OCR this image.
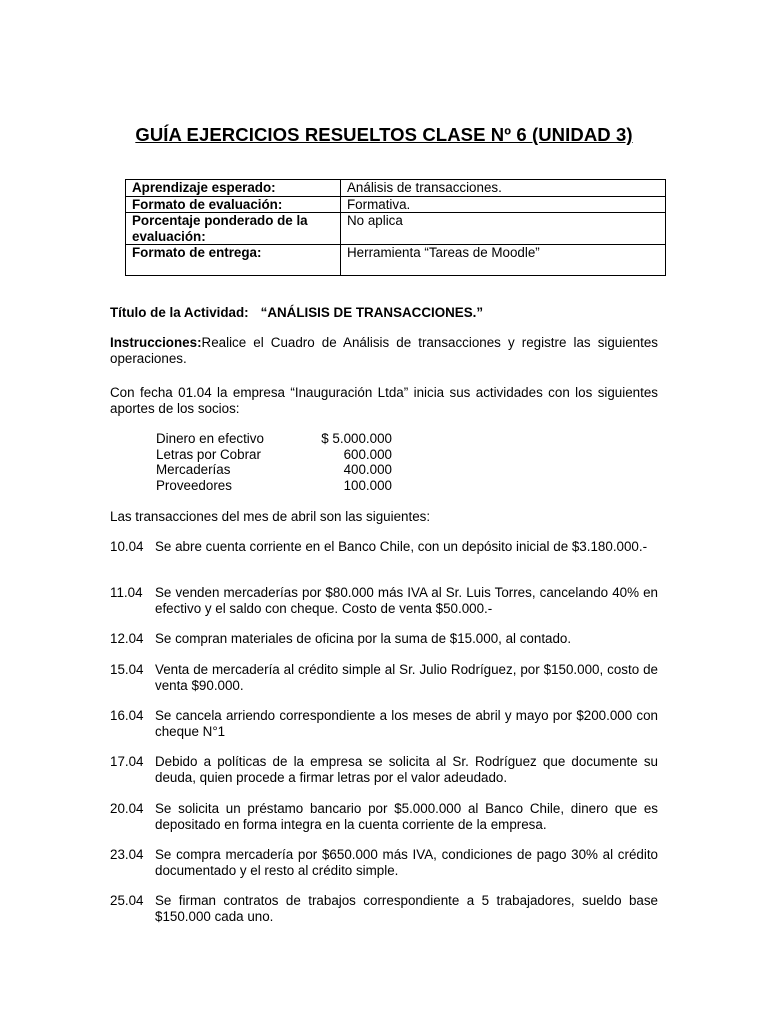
GUÍA EJERCICIOS RESUELTOS CLASE Nº 6 (UNIDAD 3)
Aprendizaje esperado:	Análisis de transacciones.
Formato de evaluación:	Formativa.
Porcentaje ponderado de la evaluación:	No aplica
Formato de entrega:	Herramienta “Tareas de Moodle”
Título de la Actividad: “ANÁLISIS DE TRANSACCIONES.”
Instrucciones:Realice el Cuadro de Análisis de transacciones y registre las siguientes operaciones.
Con fecha 01.04 la empresa “Inauguración Ltda” inicia sus actividades con los siguientes aportes de los socios:
Dinero en efectivo	$ 5.000.000
Letras por Cobrar	600.000
Mercaderías	400.000
Proveedores	100.000
Las transacciones del mes de abril son las siguientes:
10.04 Se abre cuenta corriente en el Banco Chile, con un depósito inicial de $3.180.000.-
11.04 Se venden mercaderías por $80.000 más IVA al Sr. Luis Torres, cancelando 40% en efectivo y el saldo con cheque. Costo de venta $50.000.-
12.04 Se compran materiales de oficina por la suma de $15.000, al contado.
15.04 Venta de mercadería al crédito simple al Sr. Julio Rodríguez, por $150.000, costo de venta $90.000.
16.04 Se cancela arriendo correspondiente a los meses de abril y mayo por $200.000 con cheque N°1
17.04 Debido a políticas de la empresa se solicita al Sr. Rodríguez que documente su deuda, quien procede a firmar letras por el valor adeudado.
20.04 Se solicita un préstamo bancario por $5.000.000 al Banco Chile, dinero que es depositado en forma integra en la cuenta corriente de la empresa.
23.04 Se compra mercadería por $650.000 más IVA, condiciones de pago 30% al crédito documentado y el resto al crédito simple.
25.04 Se firman contratos de trabajos correspondiente a 5 trabajadores, sueldo base $150.000 cada uno.
